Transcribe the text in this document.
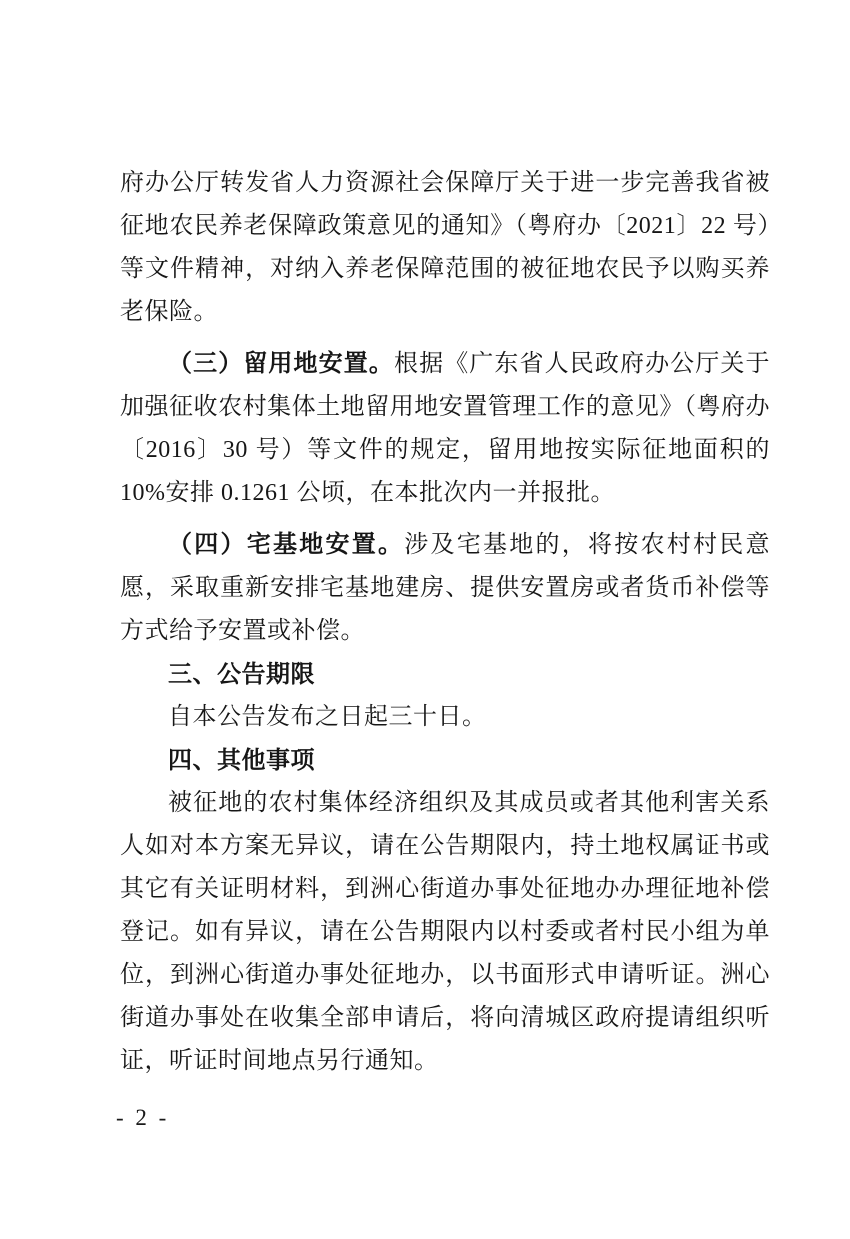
府办公厅转发省人力资源社会保障厅关于进一步完善我省被征地农民养老保障政策意见的通知》（粤府办〔2021〕22 号）等文件精神，对纳入养老保障范围的被征地农民予以购买养老保险。

（三）留用地安置。根据《广东省人民政府办公厅关于加强征收农村集体土地留用地安置管理工作的意见》（粤府办〔2016〕30 号）等文件的规定，留用地按实际征地面积的 10%安排 0.1261 公顷，在本批次内一并报批。

（四）宅基地安置。涉及宅基地的，将按农村村民意愿，采取重新安排宅基地建房、提供安置房或者货币补偿等方式给予安置或补偿。

三、公告期限

自本公告发布之日起三十日。

四、其他事项

被征地的农村集体经济组织及其成员或者其他利害关系人如对本方案无异议，请在公告期限内，持土地权属证书或其它有关证明材料，到洲心街道办事处征地办办理征地补偿登记。如有异议，请在公告期限内以村委或者村民小组为单位，到洲心街道办事处征地办，以书面形式申请听证。洲心街道办事处在收集全部申请后，将向清城区政府提请组织听证，听证时间地点另行通知。

- 2 -
